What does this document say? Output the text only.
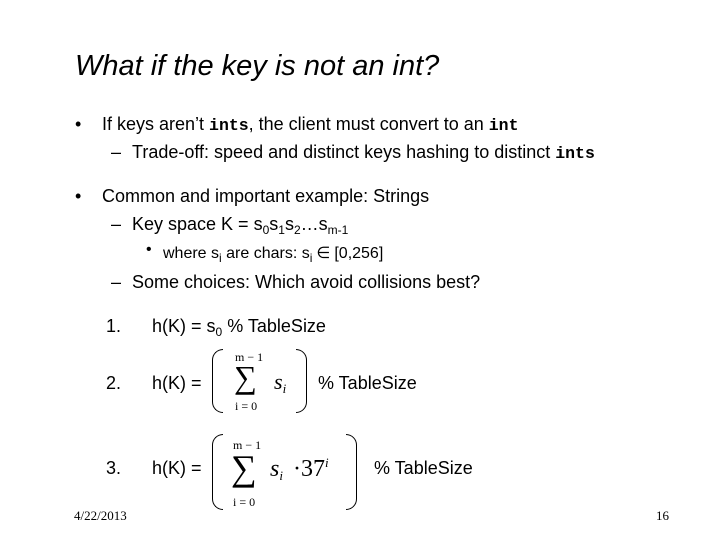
What if the key is not an int?
• If keys aren’t ints, the client must convert to an int
– Trade-off: speed and distinct keys hashing to distinct ints
• Common and important example: Strings
– Key space $K = s_0s_1s_2\dots s_{m-1}$
• where $s_i$ are chars: $s_i$ ∈ [0,256]
– Some choices: Which avoid collisions best?
1. $h(K) = s_0$ % TableSize
2. h(K) =
m − 1
∑
i = 0
$s_i$ % TableSize
3. h(K) =
m − 1
∑
i = 0
$s_i \cdot 37^i$	% TableSize
4/22/2013	16
